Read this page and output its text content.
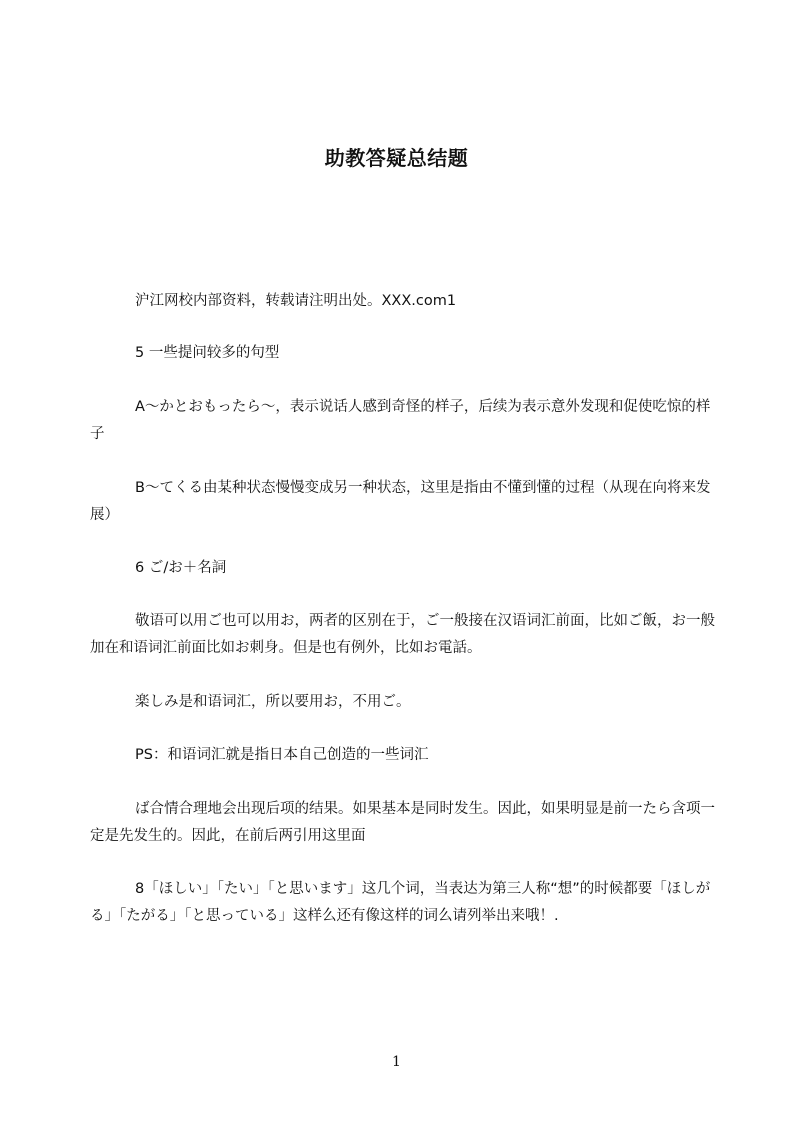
助教答疑总结题

沪江网校内部资料，转载请注明出处。XXX.com1

5 一些提问较多的句型

A～かとおもったら～，表示说话人感到奇怪的样子，后续为表示意外发现和促使吃惊的样子

B～てくる由某种状态慢慢变成另一种状态，这里是指由不懂到懂的过程（从现在向将来发展）

6 ご/お＋名詞

敬语可以用ご也可以用お，两者的区别在于，ご一般接在汉语词汇前面，比如ご飯，お一般加在和语词汇前面比如お刺身。但是也有例外，比如お電話。

楽しみ是和语词汇，所以要用お，不用ご。

PS：和语词汇就是指日本自己创造的一些词汇

ば合情合理地会出现后项的结果。如果基本是同时发生。因此，如果明显是前一たら含项一定是先发生的。因此，在前后两引用这里面

8「ほしい」「たい」「と思います」这几个词，当表达为第三人称“想”的时候都要「ほしがる」「たがる」「と思っている」这样么还有像这样的词么请列举出来哦！.

1
